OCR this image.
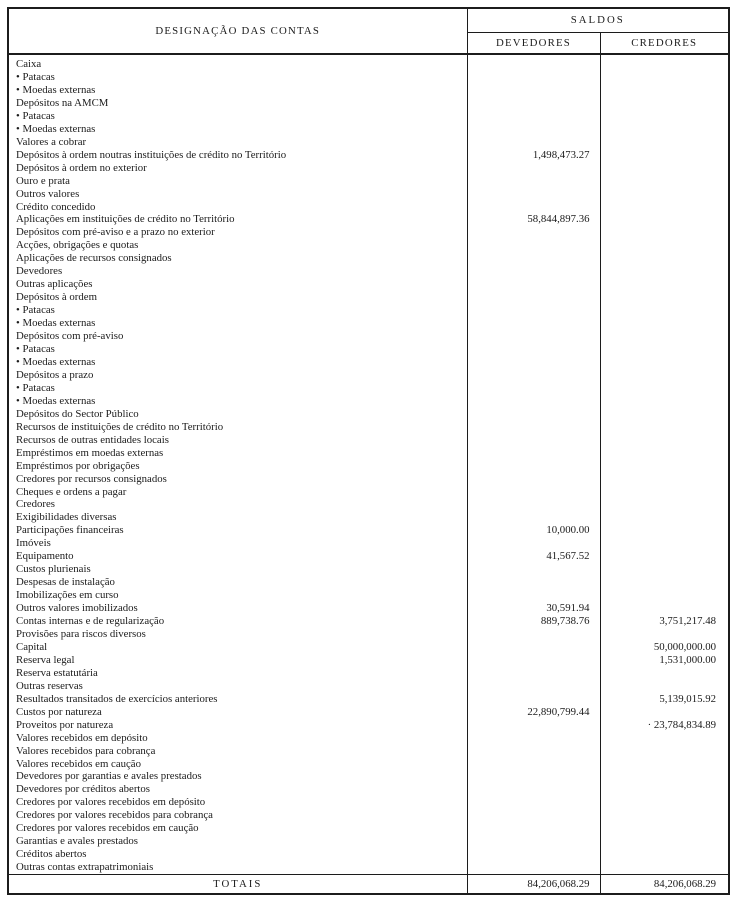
DESIGNAÇÃO DAS CONTAS	SALDOS	
	DEVEDORES	CREDORES
Caixa		
• Patacas		
• Moedas externas		
Depósitos na AMCM		
• Patacas		
• Moedas externas		
Valores a cobrar		
Depósitos à ordem noutras instituições de crédito no Território	1,498,473.27	
Depósitos à ordem no exterior		
Ouro e prata		
Outros valores		
Crédito concedido		
Aplicações em instituições de crédito no Território	58,844,897.36	
Depósitos com pré-aviso e a prazo no exterior		
Acções, obrigações e quotas		
Aplicações de recursos consignados		
Devedores		
Outras aplicações		
Depósitos à ordem		
• Patacas		
• Moedas externas		
Depósitos com pré-aviso		
• Patacas		
• Moedas externas		
Depósitos a prazo		
• Patacas		
• Moedas externas		
Depósitos do Sector Público		
Recursos de instituições de crédito no Território		
Recursos de outras entidades locais		
Empréstimos em moedas externas		
Empréstimos por obrigações		
Credores por recursos consignados		
Cheques e ordens a pagar		
Credores		
Exigibilidades diversas		
Participações financeiras	10,000.00	
Imóveis		
Equipamento	41,567.52	
Custos plurienais		
Despesas de instalação		
Imobilizações em curso		
Outros valores imobilizados	30,591.94	
Contas internas e de regularização	889,738.76	3,751,217.48
Provisões para riscos diversos		
Capital		50,000,000.00
Reserva legal		1,531,000.00
Reserva estatutária		
Outras reservas		
Resultados transitados de exercícios anteriores		5,139,015.92
Custos por natureza	22,890,799.44	
Proveitos por natureza		· 23,784,834.89
Valores recebidos em depósito		
Valores recebidos para cobrança		
Valores recebidos em caução		
Devedores por garantias e avales prestados		
Devedores por créditos abertos		
Credores por valores recebidos em depósito		
Credores por valores recebidos para cobrança		
Credores por valores recebidos em caução		
Garantias e avales prestados		
Créditos abertos		
Outras contas extrapatrimoniais		
TOTAIS	84,206,068.29	84,206,068.29
